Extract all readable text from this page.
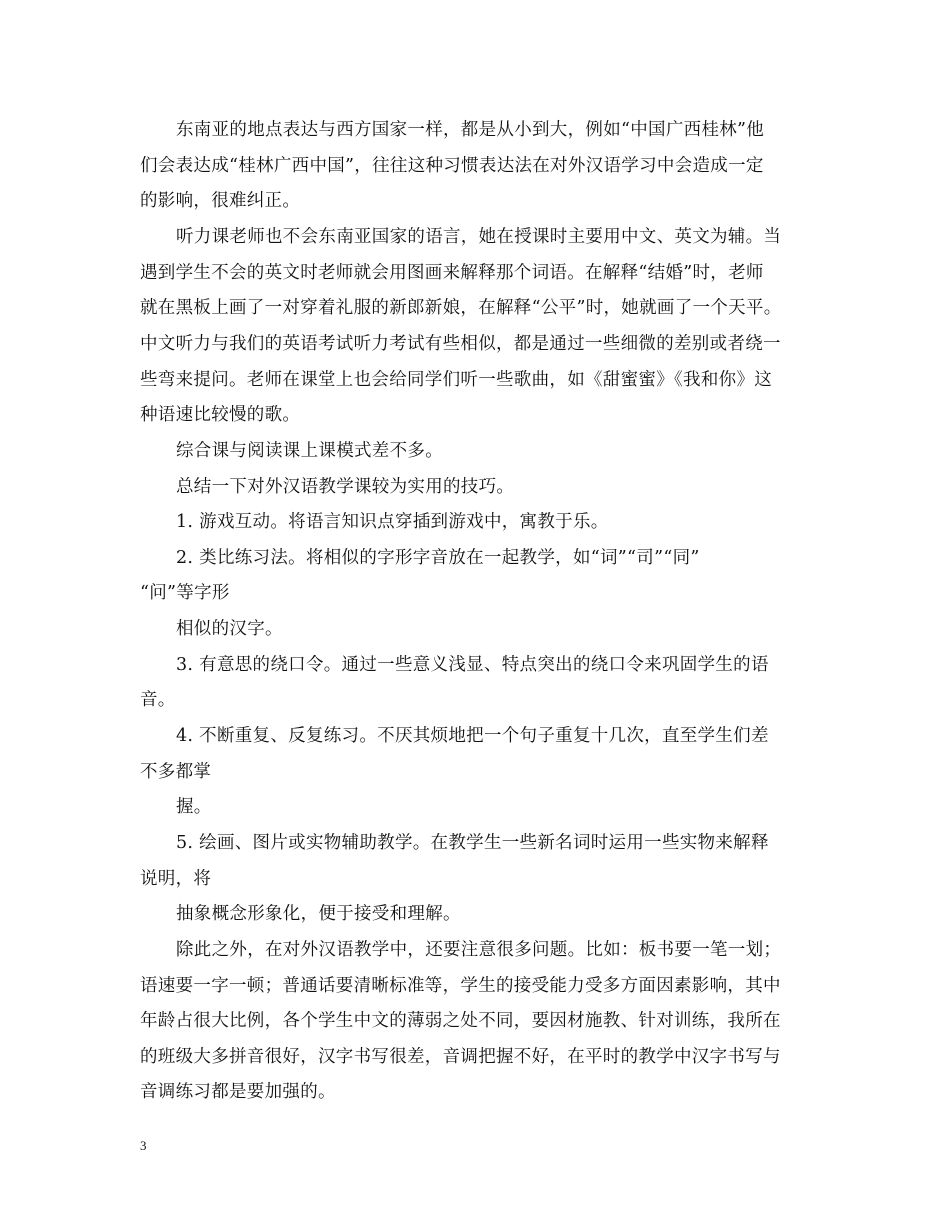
东南亚的地点表达与西方国家一样，都是从小到大，例如“中国广西桂林”他
们会表达成“桂林广西中国”，往往这种习惯表达法在对外汉语学习中会造成一定
的影响，很难纠正。
听力课老师也不会东南亚国家的语言，她在授课时主要用中文、英文为辅。当
遇到学生不会的英文时老师就会用图画来解释那个词语。在解释“结婚”时，老师
就在黑板上画了一对穿着礼服的新郎新娘，在解释“公平”时，她就画了一个天平。
中文听力与我们的英语考试听力考试有些相似，都是通过一些细微的差别或者绕一
些弯来提问。老师在课堂上也会给同学们听一些歌曲，如《甜蜜蜜》《我和你》这
种语速比较慢的歌。
综合课与阅读课上课模式差不多。
总结一下对外汉语教学课较为实用的技巧。
1. 游戏互动。将语言知识点穿插到游戏中，寓教于乐。
2. 类比练习法。将相似的字形字音放在一起教学，如“词”“司”“同”
“问”等字形
相似的汉字。
3. 有意思的绕口令。通过一些意义浅显、特点突出的绕口令来巩固学生的语
音。
4. 不断重复、反复练习。不厌其烦地把一个句子重复十几次，直至学生们差
不多都掌
握。
5. 绘画、图片或实物辅助教学。在教学生一些新名词时运用一些实物来解释
说明，将
抽象概念形象化，便于接受和理解。
除此之外，在对外汉语教学中，还要注意很多问题。比如：板书要一笔一划；
语速要一字一顿；普通话要清晰标准等，学生的接受能力受多方面因素影响，其中
年龄占很大比例，各个学生中文的薄弱之处不同，要因材施教、针对训练，我所在
的班级大多拼音很好，汉字书写很差，音调把握不好，在平时的教学中汉字书写与
音调练习都是要加强的。
3
